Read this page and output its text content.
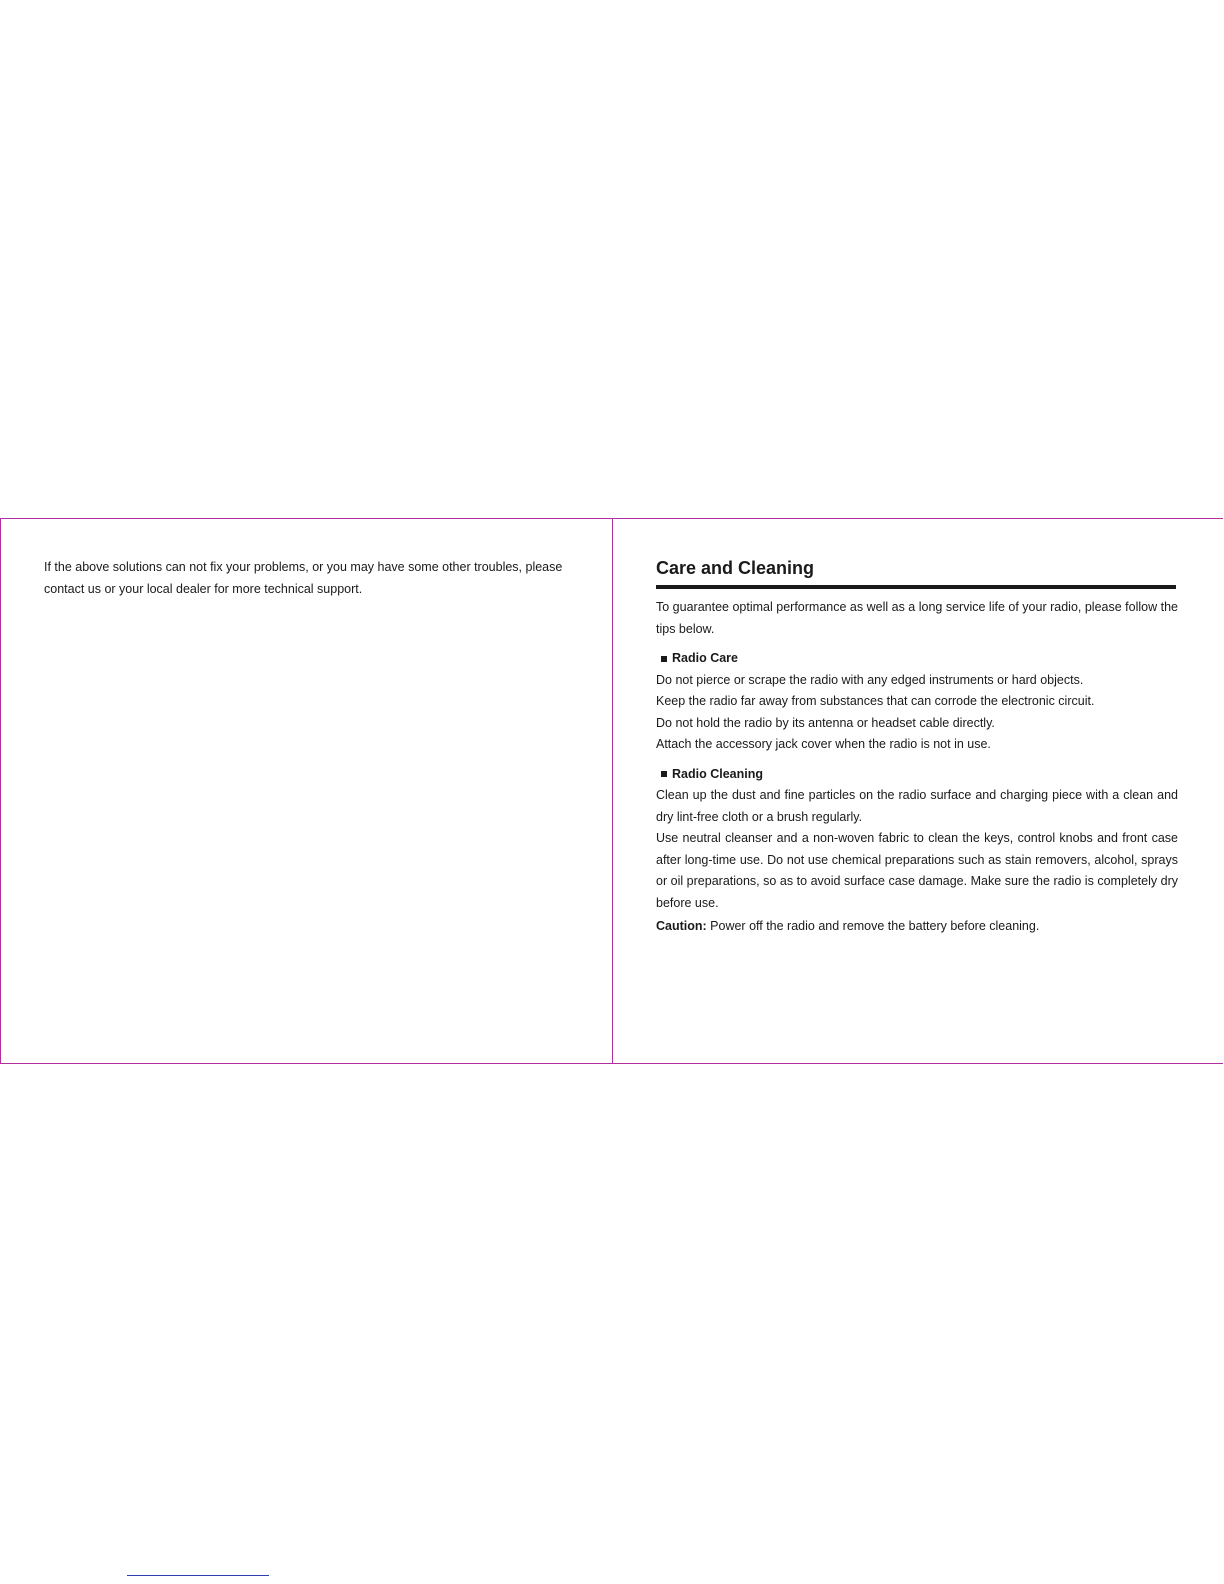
If the above solutions can not fix your problems, or you may have some other troubles, please contact us or your local dealer for more technical support.

Care and Cleaning

To guarantee optimal performance as well as a long service life of your radio, please follow the tips below.

Radio Care

Do not pierce or scrape the radio with any edged instruments or hard objects.

Keep the radio far away from substances that can corrode the electronic circuit.

Do not hold the radio by its antenna or headset cable directly.

Attach the accessory jack cover when the radio is not in use.

Radio Cleaning

Clean up the dust and fine particles on the radio surface and charging piece with a clean and dry lint-free cloth or a brush regularly.

Use neutral cleanser and a non-woven fabric to clean the keys, control knobs and front case after long-time use. Do not use chemical preparations such as stain removers, alcohol, sprays or oil preparations, so as to avoid surface case damage. Make sure the radio is completely dry before use.

Caution: Power off the radio and remove the battery before cleaning.
